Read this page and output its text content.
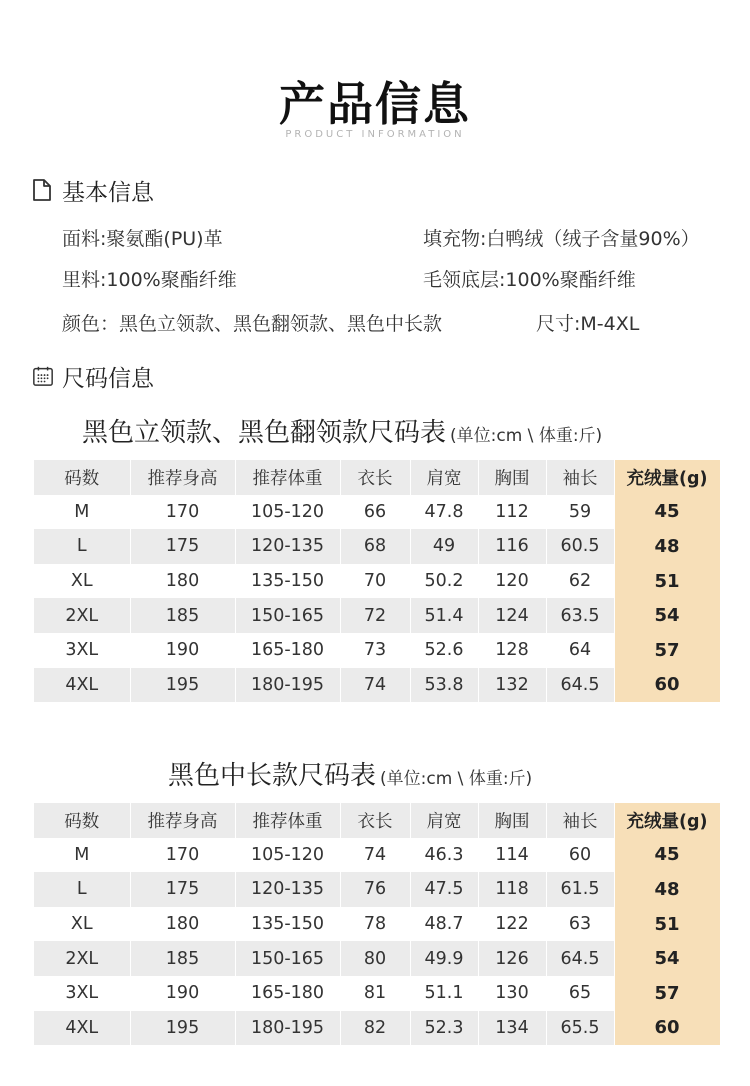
产品信息
PRODUCT INFORMATION
基本信息
面料:聚氨酯(PU)革	填充物:白鸭绒（绒子含量90%）
里料:100%聚酯纤维	毛领底层:100%聚酯纤维
颜色：黑色立领款、黑色翻领款、黑色中长款	尺寸:M-4XL
尺码信息
黑色立领款、黑色翻领款尺码表 (单位:cm \ 体重:斤)
码数	推荐身高	推荐体重	衣长	肩宽	胸围	袖长	充绒量(g)
M	170	105-120	66	47.8	112	59	45
L	175	120-135	68	49	116	60.5	48
XL	180	135-150	70	50.2	120	62	51
2XL	185	150-165	72	51.4	124	63.5	54
3XL	190	165-180	73	52.6	128	64	57
4XL	195	180-195	74	53.8	132	64.5	60
黑色中长款尺码表 (单位:cm \ 体重:斤)
码数	推荐身高	推荐体重	衣长	肩宽	胸围	袖长	充绒量(g)
M	170	105-120	74	46.3	114	60	45
L	175	120-135	76	47.5	118	61.5	48
XL	180	135-150	78	48.7	122	63	51
2XL	185	150-165	80	49.9	126	64.5	54
3XL	190	165-180	81	51.1	130	65	57
4XL	195	180-195	82	52.3	134	65.5	60
